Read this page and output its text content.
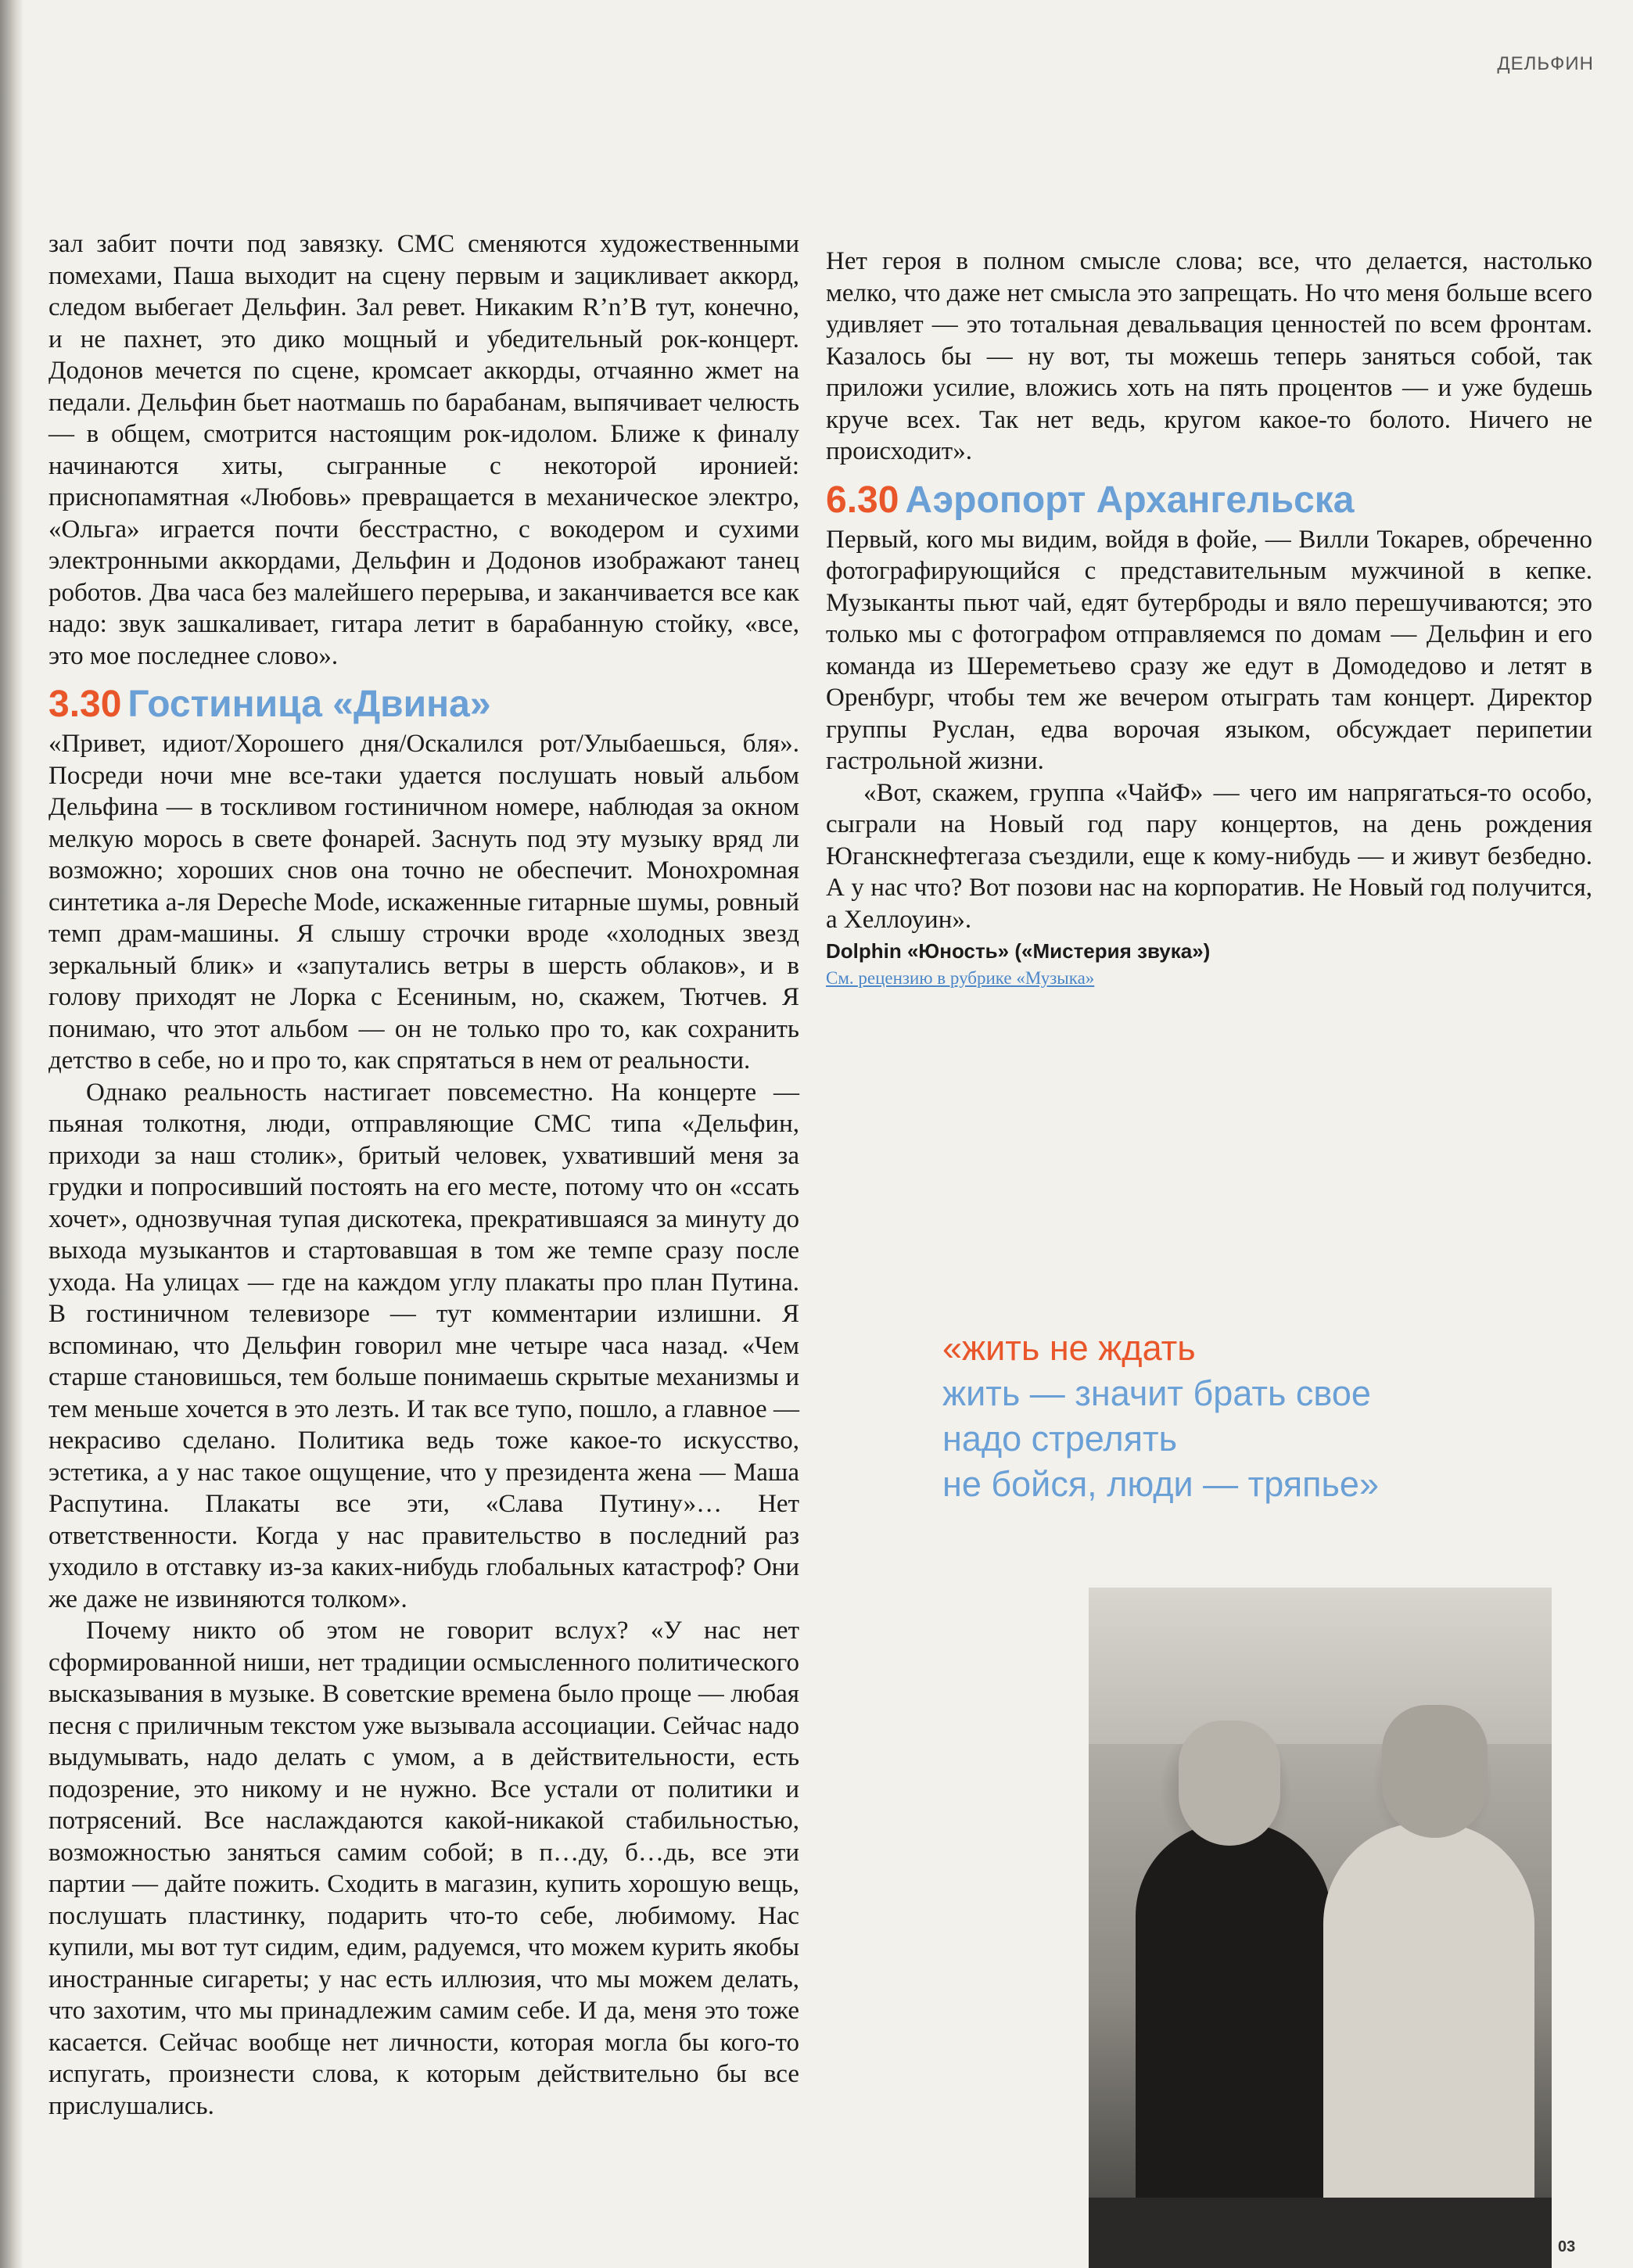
ДЕЛЬФИН

зал забит почти под завязку. СМС сменяются художественными помехами, Паша выходит на сцену первым и зацикливает аккорд, следом выбегает Дельфин. Зал ревет. Никаким R’n’B тут, конечно, и не пахнет, это дико мощный и убедительный рок-концерт. Додонов мечется по сцене, кромсает аккорды, отчаянно жмет на педали. Дельфин бьет наотмашь по барабанам, выпячивает челюсть — в общем, смотрится настоящим рок-идолом. Ближе к финалу начинаются хиты, сыгранные с некоторой иронией: приснопамятная «Любовь» превращается в механическое электро, «Ольга» играется почти бесстрастно, с вокодером и сухими электронными аккордами, Дельфин и Додонов изображают танец роботов. Два часа без малейшего перерыва, и заканчивается все как надо: звук зашкаливает, гитара летит в барабанную стойку, «все, это мое последнее слово».

3.30 Гостиница «Двина»

«Привет, идиот/Хорошего дня/Оскалился рот/Улыбаешься, бля». Посреди ночи мне все-таки удается послушать новый альбом Дельфина — в тоскливом гостиничном номере, наблюдая за окном мелкую морось в свете фонарей. Заснуть под эту музыку вряд ли возможно; хороших снов она точно не обеспечит. Монохромная синтетика а-ля Depeche Mode, искаженные гитарные шумы, ровный темп драм-машины. Я слышу строчки вроде «холодных звезд зеркальный блик» и «запутались ветры в шерсть облаков», и в голову приходят не Лорка с Есениным, но, скажем, Тютчев. Я понимаю, что этот альбом — он не только про то, как сохранить детство в себе, но и про то, как спрятаться в нем от реальности.

Однако реальность настигает повсеместно. На концерте — пьяная толкотня, люди, отправляющие СМС типа «Дельфин, приходи за наш столик», бритый человек, ухвативший меня за грудки и попросивший постоять на его месте, потому что он «ссать хочет», однозвучная тупая дискотека, прекратившаяся за минуту до выхода музыкантов и стартовавшая в том же темпе сразу после ухода. На улицах — где на каждом углу плакаты про план Путина. В гостиничном телевизоре — тут комментарии излишни. Я вспоминаю, что Дельфин говорил мне четыре часа назад. «Чем старше становишься, тем больше понимаешь скрытые механизмы и тем меньше хочется в это лезть. И так все тупо, пошло, а главное — некрасиво сделано. Политика ведь тоже какое-то искусство, эстетика, а у нас такое ощущение, что у президента жена — Маша Распутина. Плакаты все эти, «Слава Путину»… Нет ответственности. Когда у нас правительство в последний раз уходило в отставку из-за каких-нибудь глобальных катастроф? Они же даже не извиняются толком».

Почему никто об этом не говорит вслух? «У нас нет сформированной ниши, нет традиции осмысленного политического высказывания в музыке. В советские времена было проще — любая песня с приличным текстом уже вызывала ассоциации. Сейчас надо выдумывать, надо делать с умом, а в действительности, есть подозрение, это никому и не нужно. Все устали от политики и потрясений. Все наслаждаются какой-никакой стабильностью, возможностью заняться самим собой; в п…ду, б…дь, все эти партии — дайте пожить. Сходить в магазин, купить хорошую вещь, послушать пластинку, подарить что-то себе, любимому. Нас купили, мы вот тут сидим, едим, радуемся, что можем курить якобы иностранные сигареты; у нас есть иллюзия, что мы можем делать, что захотим, что мы принадлежим самим себе. И да, меня это тоже касается. Сейчас вообще нет личности, которая могла бы кого-то испугать, произнести слова, к которым действительно бы все прислушались.

Нет героя в полном смысле слова; все, что делается, настолько мелко, что даже нет смысла это запрещать. Но что меня больше всего удивляет — это тотальная девальвация ценностей по всем фронтам. Казалось бы — ну вот, ты можешь теперь заняться собой, так приложи усилие, вложись хоть на пять процентов — и уже будешь круче всех. Так нет ведь, кругом какое-то болото. Ничего не происходит».

6.30 Аэропорт Архангельска

Первый, кого мы видим, войдя в фойе, — Вилли Токарев, обреченно фотографирующийся с представительным мужчиной в кепке. Музыканты пьют чай, едят бутерброды и вяло перешучиваются; это только мы с фотографом отправляемся по домам — Дельфин и его команда из Шереметьево сразу же едут в Домодедово и летят в Оренбург, чтобы тем же вечером отыграть там концерт. Директор группы Руслан, едва ворочая языком, обсуждает перипетии гастрольной жизни.

«Вот, скажем, группа «ЧайФ» — чего им напрягаться-то особо, сыграли на Новый год пару концертов, на день рождения Юганскнефтегаза съездили, еще к кому-нибудь — и живут безбедно. А у нас что? Вот позови нас на корпоратив. Не Новый год получится, а Хеллоуин».

Dolphin «Юность» («Мистерия звука»)
См. рецензию в рубрике «Музыка»
«жить не ждать
жить — значит брать свое
надо стрелять
не бойся, люди — тряпье»
03
